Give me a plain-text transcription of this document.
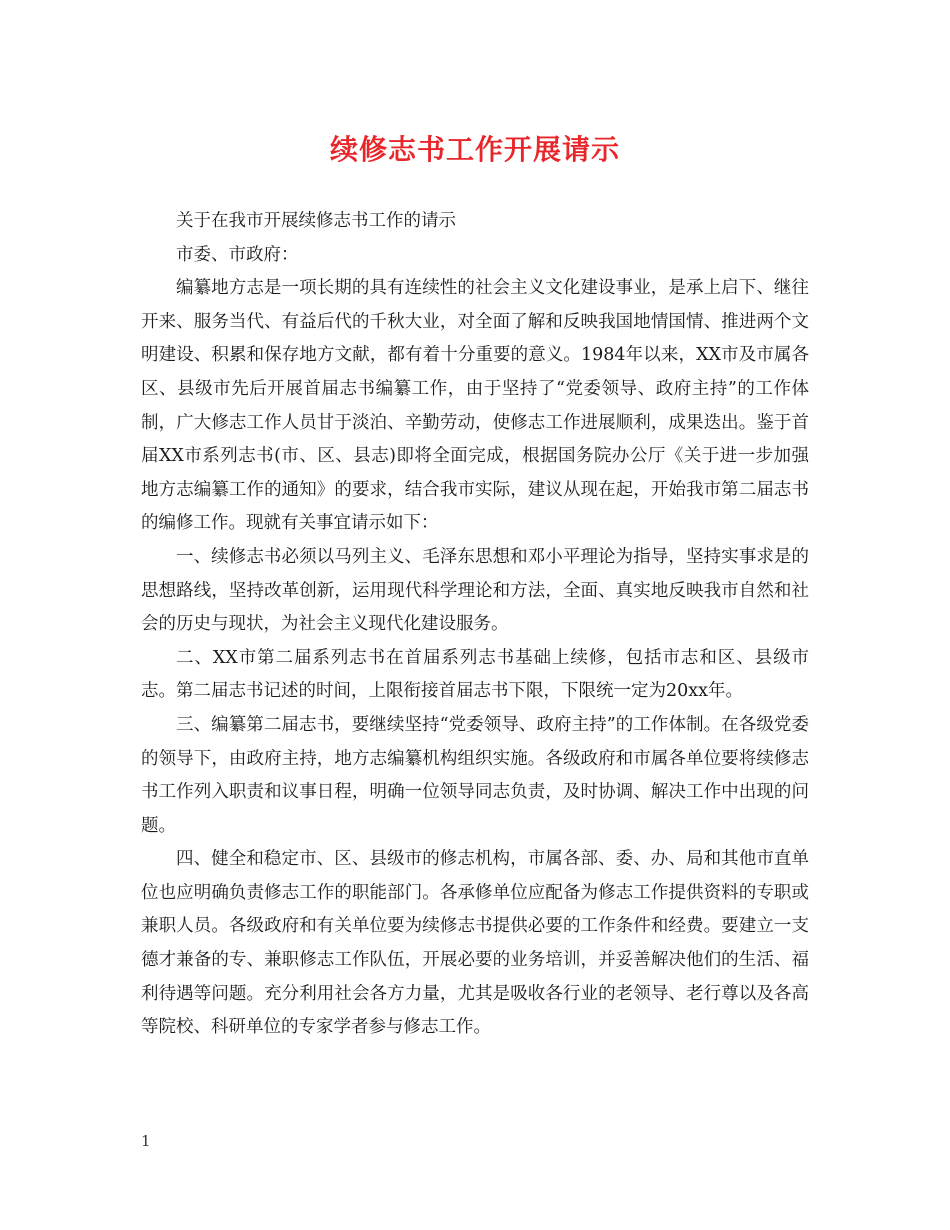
续修志书工作开展请示

关于在我市开展续修志书工作的请示

市委、市政府：

编纂地方志是一项长期的具有连续性的社会主义文化建设事业，是承上启下、继往开来、服务当代、有益后代的千秋大业，对全面了解和反映我国地情国情、推进两个文明建设、积累和保存地方文献，都有着十分重要的意义。1984年以来，XX市及市属各区、县级市先后开展首届志书编纂工作，由于坚持了“党委领导、政府主持”的工作体制，广大修志工作人员甘于淡泊、辛勤劳动，使修志工作进展顺利，成果迭出。鉴于首届XX市系列志书(市、区、县志)即将全面完成，根据国务院办公厅《关于进一步加强地方志编纂工作的通知》的要求，结合我市实际，建议从现在起，开始我市第二届志书的编修工作。现就有关事宜请示如下：

一、续修志书必须以马列主义、毛泽东思想和邓小平理论为指导，坚持实事求是的思想路线，坚持改革创新，运用现代科学理论和方法，全面、真实地反映我市自然和社会的历史与现状，为社会主义现代化建设服务。

二、XX市第二届系列志书在首届系列志书基础上续修，包括市志和区、县级市志。第二届志书记述的时间，上限衔接首届志书下限，下限统一定为20xx年。

三、编纂第二届志书，要继续坚持“党委领导、政府主持”的工作体制。在各级党委的领导下，由政府主持，地方志编纂机构组织实施。各级政府和市属各单位要将续修志书工作列入职责和议事日程，明确一位领导同志负责，及时协调、解决工作中出现的问题。

四、健全和稳定市、区、县级市的修志机构，市属各部、委、办、局和其他市直单位也应明确负责修志工作的职能部门。各承修单位应配备为修志工作提供资料的专职或兼职人员。各级政府和有关单位要为续修志书提供必要的工作条件和经费。要建立一支德才兼备的专、兼职修志工作队伍，开展必要的业务培训，并妥善解决他们的生活、福利待遇等问题。充分利用社会各方力量，尤其是吸收各行业的老领导、老行尊以及各高等院校、科研单位的专家学者参与修志工作。

1
